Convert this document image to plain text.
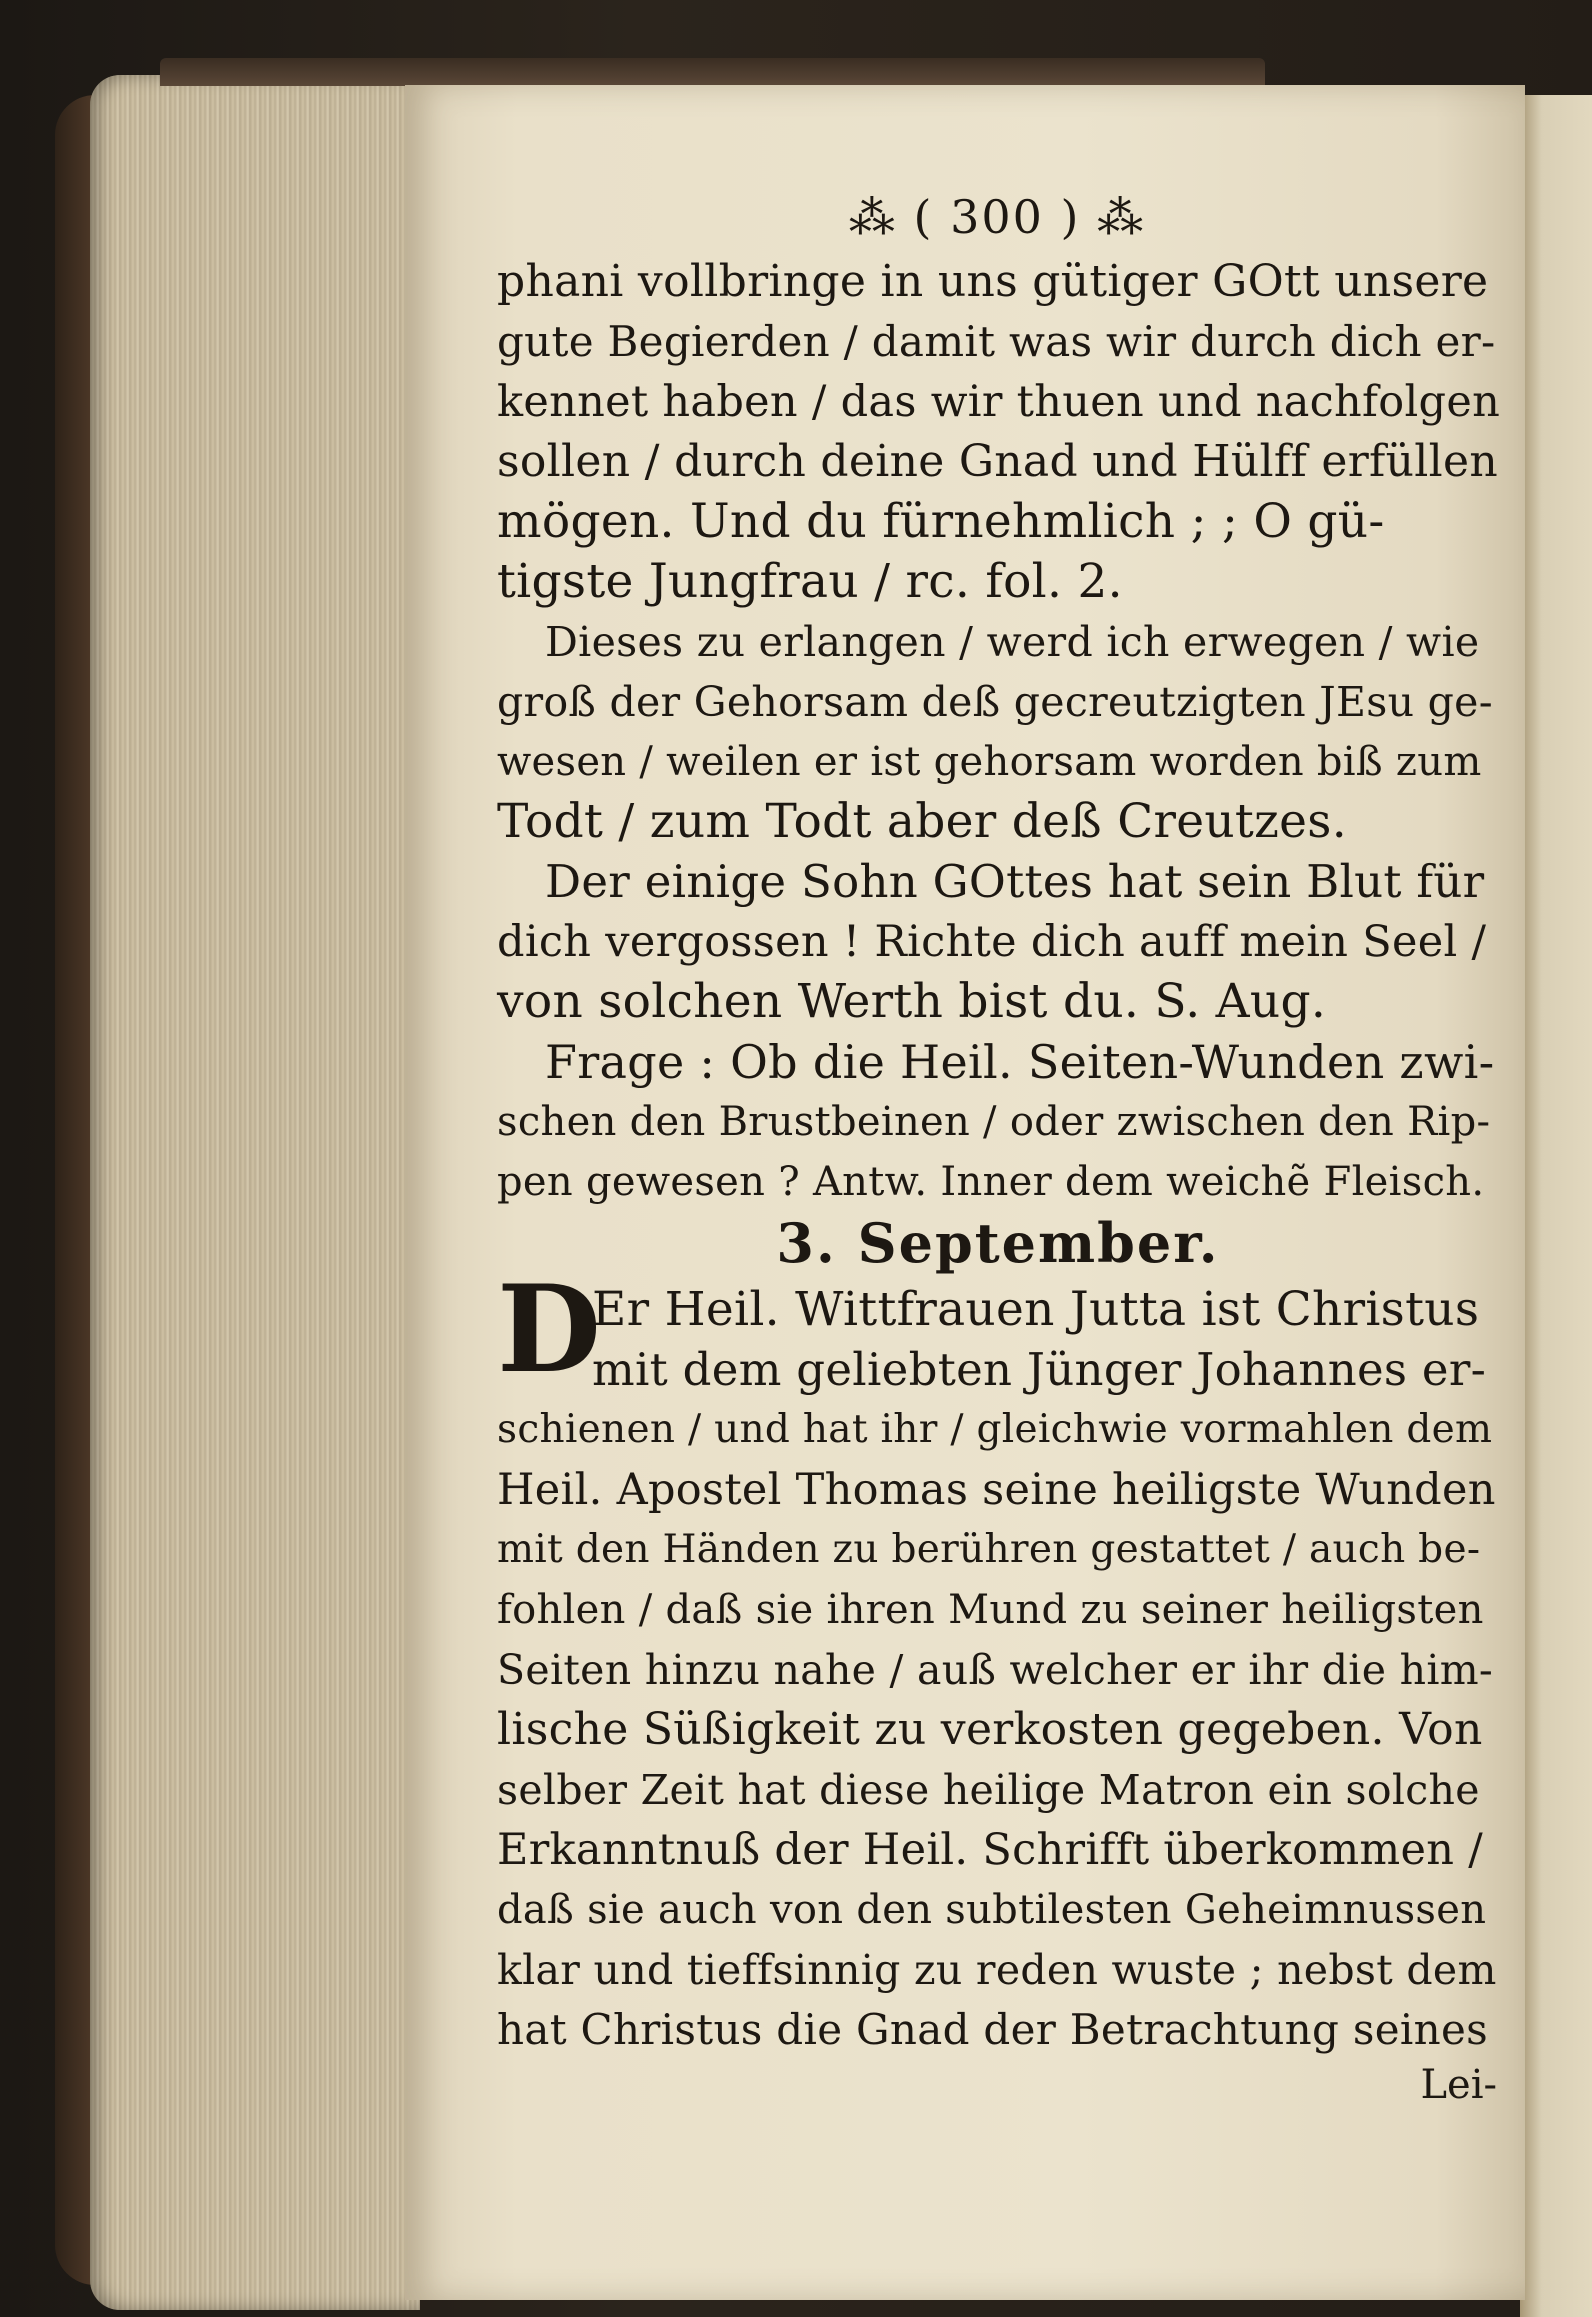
⁂ ( 300 ) ⁂
phani vollbringe in uns gütiger GOtt unsere
gute Begierden / damit was wir durch dich er-
kennet haben / das wir thuen und nachfolgen
sollen / durch deine Gnad und Hülff erfüllen
mögen. Und du fürnehmlich ; ; O gü-
tigste Jungfrau / rc. fol. 2.
Dieses zu erlangen / werd ich erwegen / wie
groß der Gehorsam deß gecreutzigten JEsu ge-
wesen / weilen er ist gehorsam worden biß zum
Todt / zum Todt aber deß Creutzes.
Der einige Sohn GOttes hat sein Blut für
dich vergossen ! Richte dich auff mein Seel /
von solchen Werth bist du. S. Aug.
Frage : Ob die Heil. Seiten-Wunden zwi-
schen den Brustbeinen / oder zwischen den Rip-
pen gewesen ? Antw. Inner dem weichẽ Fleisch.
3. September.
D
Er Heil. Wittfrauen Jutta ist Christus
mit dem geliebten Jünger Johannes er-
schienen / und hat ihr / gleichwie vormahlen dem
Heil. Apostel Thomas seine heiligste Wunden
mit den Händen zu berühren gestattet / auch be-
fohlen / daß sie ihren Mund zu seiner heiligsten
Seiten hinzu nahe / auß welcher er ihr die him-
lische Süßigkeit zu verkosten gegeben. Von
selber Zeit hat diese heilige Matron ein solche
Erkanntnuß der Heil. Schrifft überkommen /
daß sie auch von den subtilesten Geheimnussen
klar und tieffsinnig zu reden wuste ; nebst dem
hat Christus die Gnad der Betrachtung seines
Lei-
